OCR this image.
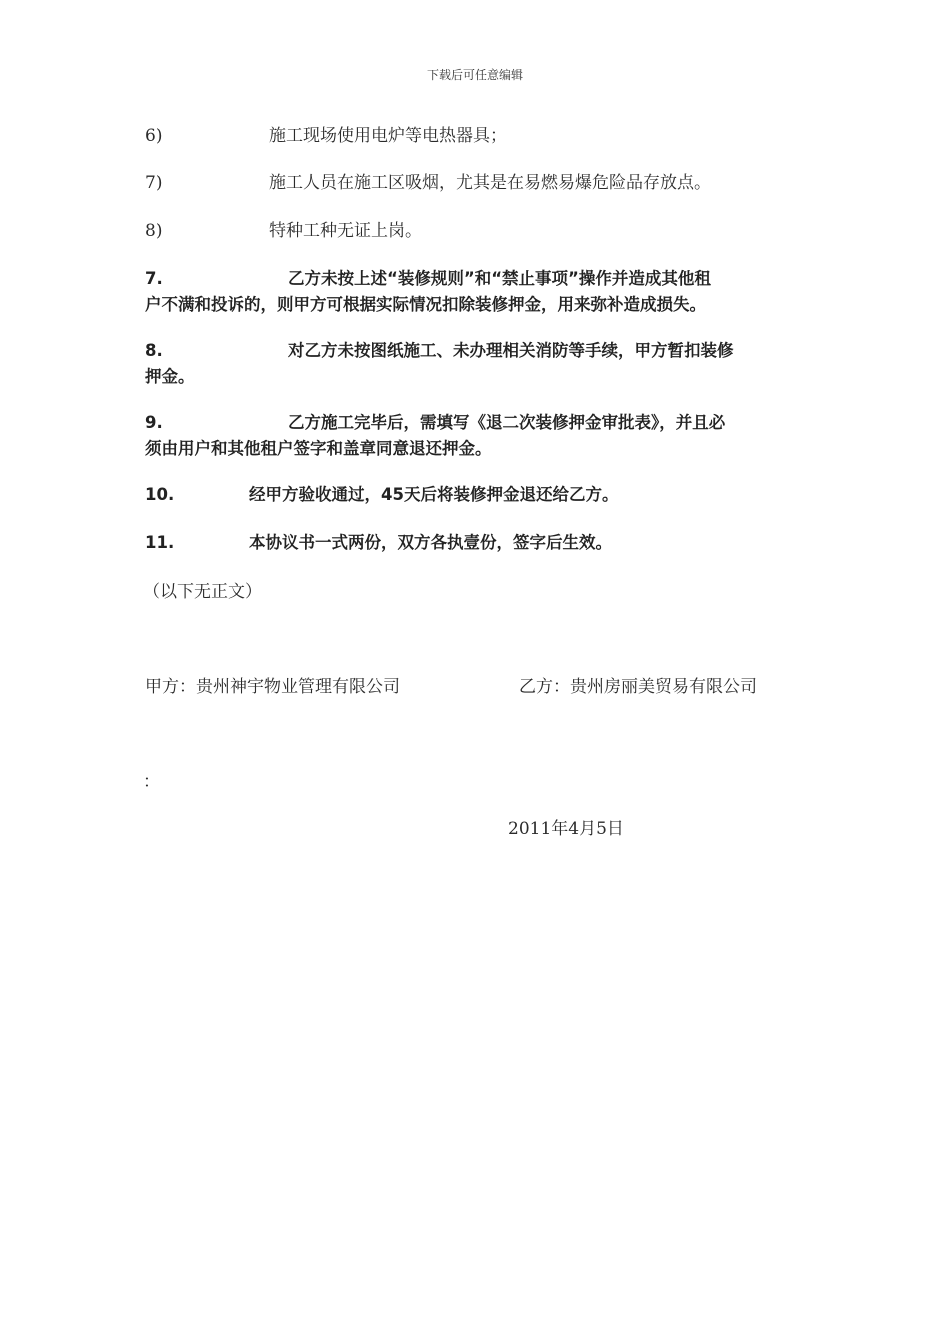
下载后可任意编辑
6)	施工现场使用电炉等电热器具；
7)	施工人员在施工区吸烟，尤其是在易燃易爆危险品存放点。
8)	特种工种无证上岗。
7.	乙方未按上述“装修规则”和“禁止事项”操作并造成其他租
户不满和投诉的，则甲方可根据实际情况扣除装修押金，用来弥补造成损失。
8.	对乙方未按图纸施工、未办理相关消防等手续，甲方暂扣装修
押金。
9.	乙方施工完毕后，需填写《退二次装修押金审批表》，并且必
须由用户和其他租户签字和盖章同意退还押金。
10.	经甲方验收通过，45天后将装修押金退还给乙方。
11.	本协议书一式两份，双方各执壹份，签字后生效。
（以下无正文）
甲方：贵州神宇物业管理有限公司	乙方：贵州房丽美贸易有限公司
：
2011年4月5日
